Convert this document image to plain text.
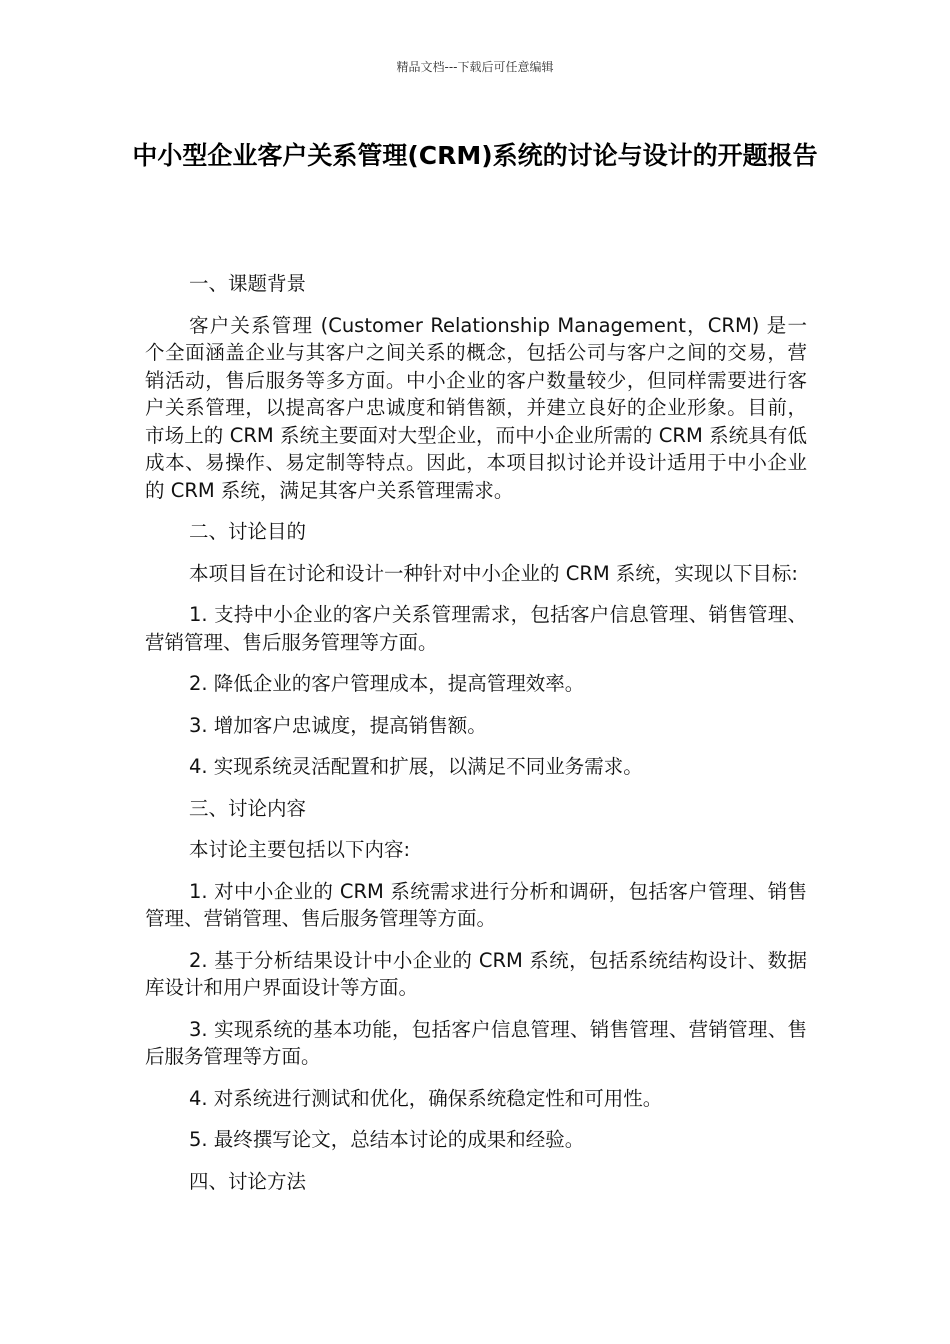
精品文档---下载后可任意编辑
中小型企业客户关系管理(CRM)系统的讨论与设计的开题报告

一、课题背景

客户关系管理 (Customer Relationship Management，CRM) 是一个全面涵盖企业与其客户之间关系的概念，包括公司与客户之间的交易，营销活动，售后服务等多方面。中小企业的客户数量较少，但同样需要进行客户关系管理，以提高客户忠诚度和销售额，并建立良好的企业形象。目前，市场上的 CRM 系统主要面对大型企业，而中小企业所需的 CRM 系统具有低成本、易操作、易定制等特点。因此，本项目拟讨论并设计适用于中小企业的 CRM 系统，满足其客户关系管理需求。

二、讨论目的

本项目旨在讨论和设计一种针对中小企业的 CRM 系统，实现以下目标:

1. 支持中小企业的客户关系管理需求，包括客户信息管理、销售管理、营销管理、售后服务管理等方面。

2. 降低企业的客户管理成本，提高管理效率。

3. 增加客户忠诚度，提高销售额。

4. 实现系统灵活配置和扩展，以满足不同业务需求。

三、讨论内容

本讨论主要包括以下内容:

1. 对中小企业的 CRM 系统需求进行分析和调研，包括客户管理、销售管理、营销管理、售后服务管理等方面。

2. 基于分析结果设计中小企业的 CRM 系统，包括系统结构设计、数据库设计和用户界面设计等方面。

3. 实现系统的基本功能，包括客户信息管理、销售管理、营销管理、售后服务管理等方面。

4. 对系统进行测试和优化，确保系统稳定性和可用性。

5. 最终撰写论文，总结本讨论的成果和经验。

四、讨论方法
